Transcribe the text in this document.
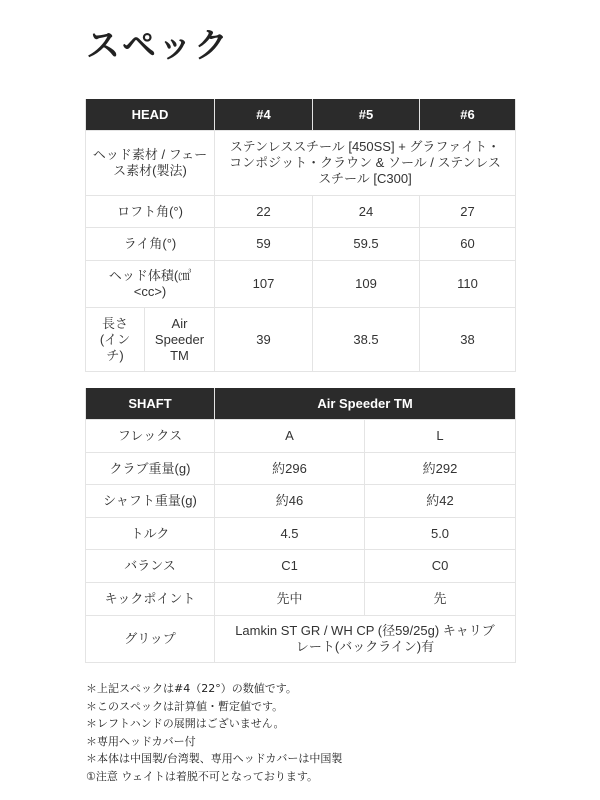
スペック
HEAD		#4	#5	#6
ヘッド素材 / フェース素材(製法)		ステンレススチール [450SS] + グラファイト・コンポジット・クラウン & ソール / ステンレススチール [C300]		
ロフト角(°)		22	24	27
ライ角(°)		59	59.5	60
ヘッド体積(㎤ <cc>)		107	109	110
長さ (インチ)	Air Speeder TM	39	38.5	38
SHAFT	Air Speeder TM	
フレックス	A	L
クラブ重量(g)	約296	約292
シャフト重量(g)	約46	約42
トルク	4.5	5.0
バランス	C1	C0
キックポイント	先中	先
グリップ	Lamkin ST GR / WH CP (径59/25g) キャリブレート(バックライン)有	
＊上記スペックは#4（22°）の数値です。
＊このスペックは計算値・暫定値です。
＊レフトハンドの展開はございません。
＊専用ヘッドカバー付
＊本体は中国製/台湾製、専用ヘッドカバーは中国製
①注意 ウェイトは着脱不可となっております。
